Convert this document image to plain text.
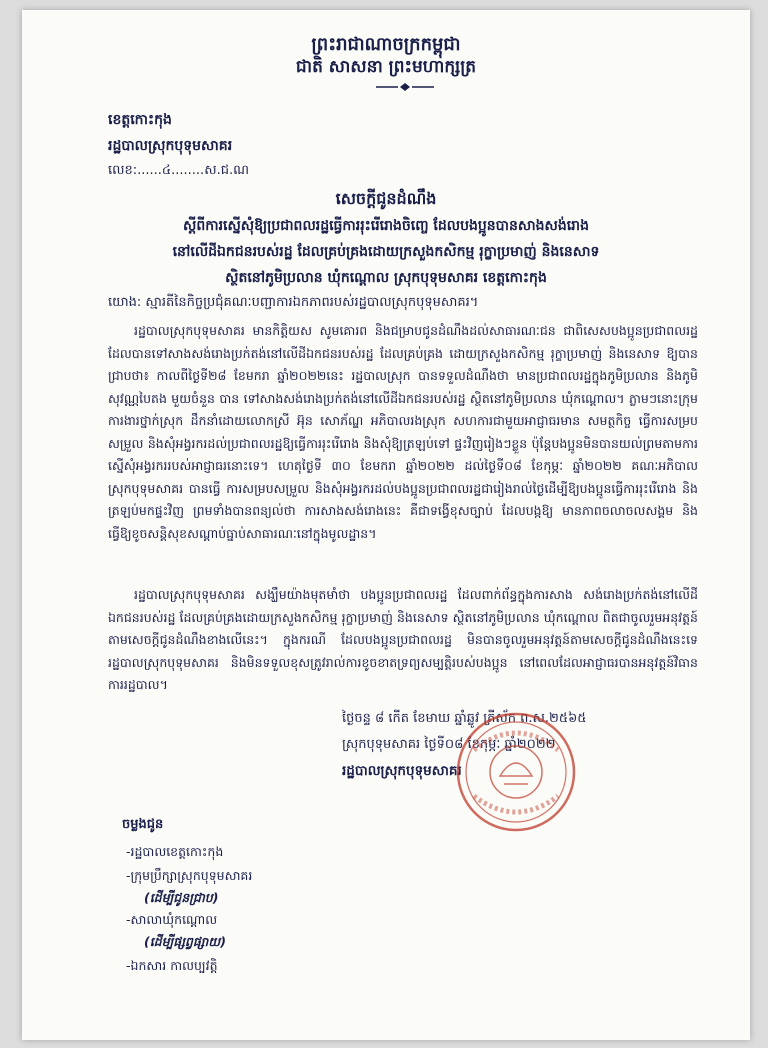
ព្រះរាជាណាចក្រកម្ពុជា
ជាតិ សាសនា ព្រះមហាក្សត្រ
ខេត្តកោះកុង
រដ្ឋបាលស្រុកបុទុមសាគរ
លេខ:......៤........ស.ជ.ណ
សេចក្ដីជូនដំណឹង
ស្ដីពីការស្នើសុំឱ្យប្រជាពលរដ្ឋធ្វើការរុះរើរោងចិញ្ចេ ដែលបងប្អូនបានសាងសង់រោង
នៅលើដីឯកជនរបស់រដ្ឋ ដែលគ្រប់គ្រងដោយក្រសួងកសិកម្ម រុក្ខាប្រមាញ់ និងនេសាទ
ស្ថិតនៅភូមិប្រលាន ឃុំកណ្ដោល ស្រុកបុទុមសាគរ ខេត្តកោះកុង
យោង: ស្មារតីនៃកិច្ចប្រជុំគណៈបញ្ជាការឯកភាពរបស់រដ្ឋបាលស្រុកបុទុមសាគរ។
រដ្ឋបាលស្រុកបុទុមសាគរ មានកិត្តិយស សូមគោរព និងជម្រាបជូនដំណឹងដល់សាធារណៈជន ជាពិសេសបងប្អូនប្រជាពលរដ្ឋដែលបានទៅសាងសង់រោងប្រក់តង់នៅលើដីឯកជនរបស់រដ្ឋ ដែលគ្រប់គ្រង ដោយក្រសួងកសិកម្ម រុក្ខាប្រមាញ់ និងនេសាទ ឱ្យបានជ្រាបថា៖ កាលពីថ្ងៃទី២៨ ខែមករា ឆ្នាំ២០២២នេះ រដ្ឋបាលស្រុក បានទទួលដំណឹងថា មានប្រជាពលរដ្ឋក្នុងភូមិប្រលាន និងភូមិសុវណ្ណបៃតង មួយចំនួន បាន ទៅសាងសង់រោងប្រក់តង់នៅលើដីឯកជនរបស់រដ្ឋ ស្ថិតនៅភូមិប្រលាន ឃុំកណ្ដោល។ ភ្លាមៗនោះក្រុម ការងារថ្នាក់ស្រុក ដឹកនាំដោយលោកស្រី អ៊ុន សោភ័ណ្ឌ អភិបាលរងស្រុក សហការជាមួយអាជ្ញាធរមាន សមត្ថកិច្ច ធ្វើការសម្របសម្រួល និងសុំអង្វរករដល់ប្រជាពលរដ្ឋឱ្យធ្វើការរុះរើរោង និងសុំឱ្យត្រឡប់ទៅ ផ្ទះវិញរៀងៗខ្លួន ប៉ុន្តែបងប្អូនមិនបានយល់ព្រមតាមការស្នើសុំអង្វរកររបស់អាជ្ញាធរនោះទេ។ ហេតុថ្ងៃទី ៣០ ខែមករា ឆ្នាំ២០២២ ដល់ថ្ងៃទី០៨ ខែកុម្ភៈ ឆ្នាំ២០២២ គណៈអភិបាលស្រុកបុទុមសាគរ បានធ្វើ ការសម្របសម្រួល និងសុំអង្វរករដល់បងប្អូនប្រជាពលរដ្ឋជារៀងរាល់ថ្ងៃដើម្បីឱ្យបងប្អូនធ្វើការរុះរើរោង និងត្រឡប់មកផ្ទះវិញ ព្រមទាំងបានពន្យល់ថា ការសាងសង់រោងនេះ គឺជាទង្វើខុសច្បាប់ ដែលបង្កឱ្យ មានភាពចលាចលសង្គម និងធ្វើឱ្យខូចសន្តិសុខសណ្ដាប់ធ្នាប់សាធារណៈនៅក្នុងមូលដ្ឋាន។
រដ្ឋបាលស្រុកបុទុមសាគរ សង្ឃឹមយ៉ាងមុតមាំថា បងប្អូនប្រជាពលរដ្ឋ ដែលពាក់ព័ន្ធក្នុងការសាង សង់រោងប្រក់តង់នៅលើដីឯកជនរបស់រដ្ឋ ដែលគ្រប់គ្រងដោយក្រសួងកសិកម្ម រុក្ខាប្រមាញ់ និងនេសាទ ស្ថិតនៅភូមិប្រលាន ឃុំកណ្ដោល ពិតជាចូលរួមអនុវត្តន៍តាមសេចក្ដីជូនដំណឹងខាងលើនេះ។ ក្នុងករណី ដែលបងប្អូនប្រជាពលរដ្ឋ មិនបានចូលរួមអនុវត្តន៍តាមសេចក្ដីជូនដំណឹងនេះទេ រដ្ឋបាលស្រុកបុទុមសាគរ និងមិនទទួលខុសត្រូវរាល់ការខូចខាតទ្រព្យសម្បត្តិរបស់បងប្អូន នៅពេលដែលអាជ្ញាធរបានអនុវត្តន៍វិធាន ការរដ្ឋបាល។
ថ្ងៃចន្ទ ៨ កើត ខែមាឃ ឆ្នាំឆ្លូវ ត្រីស័ក ព.ស.២៥៦៥
ស្រុកបុទុមសាគរ ថ្ងៃទី០៨ ខែកុម្ភៈ ឆ្នាំ២០២២
រដ្ឋបាលស្រុកបុទុមសាគរ
ចម្លងជូន
-រដ្ឋបាលខេត្តកោះកុង
-ក្រុមប្រឹក្សាស្រុកបុទុមសាគរ
(ដើម្បីជូនជ្រាប)
-សាលាឃុំកណ្ដោល
(ដើម្បីផ្សព្វផ្សាយ)
-ឯកសារ កាលប្បវត្តិ
